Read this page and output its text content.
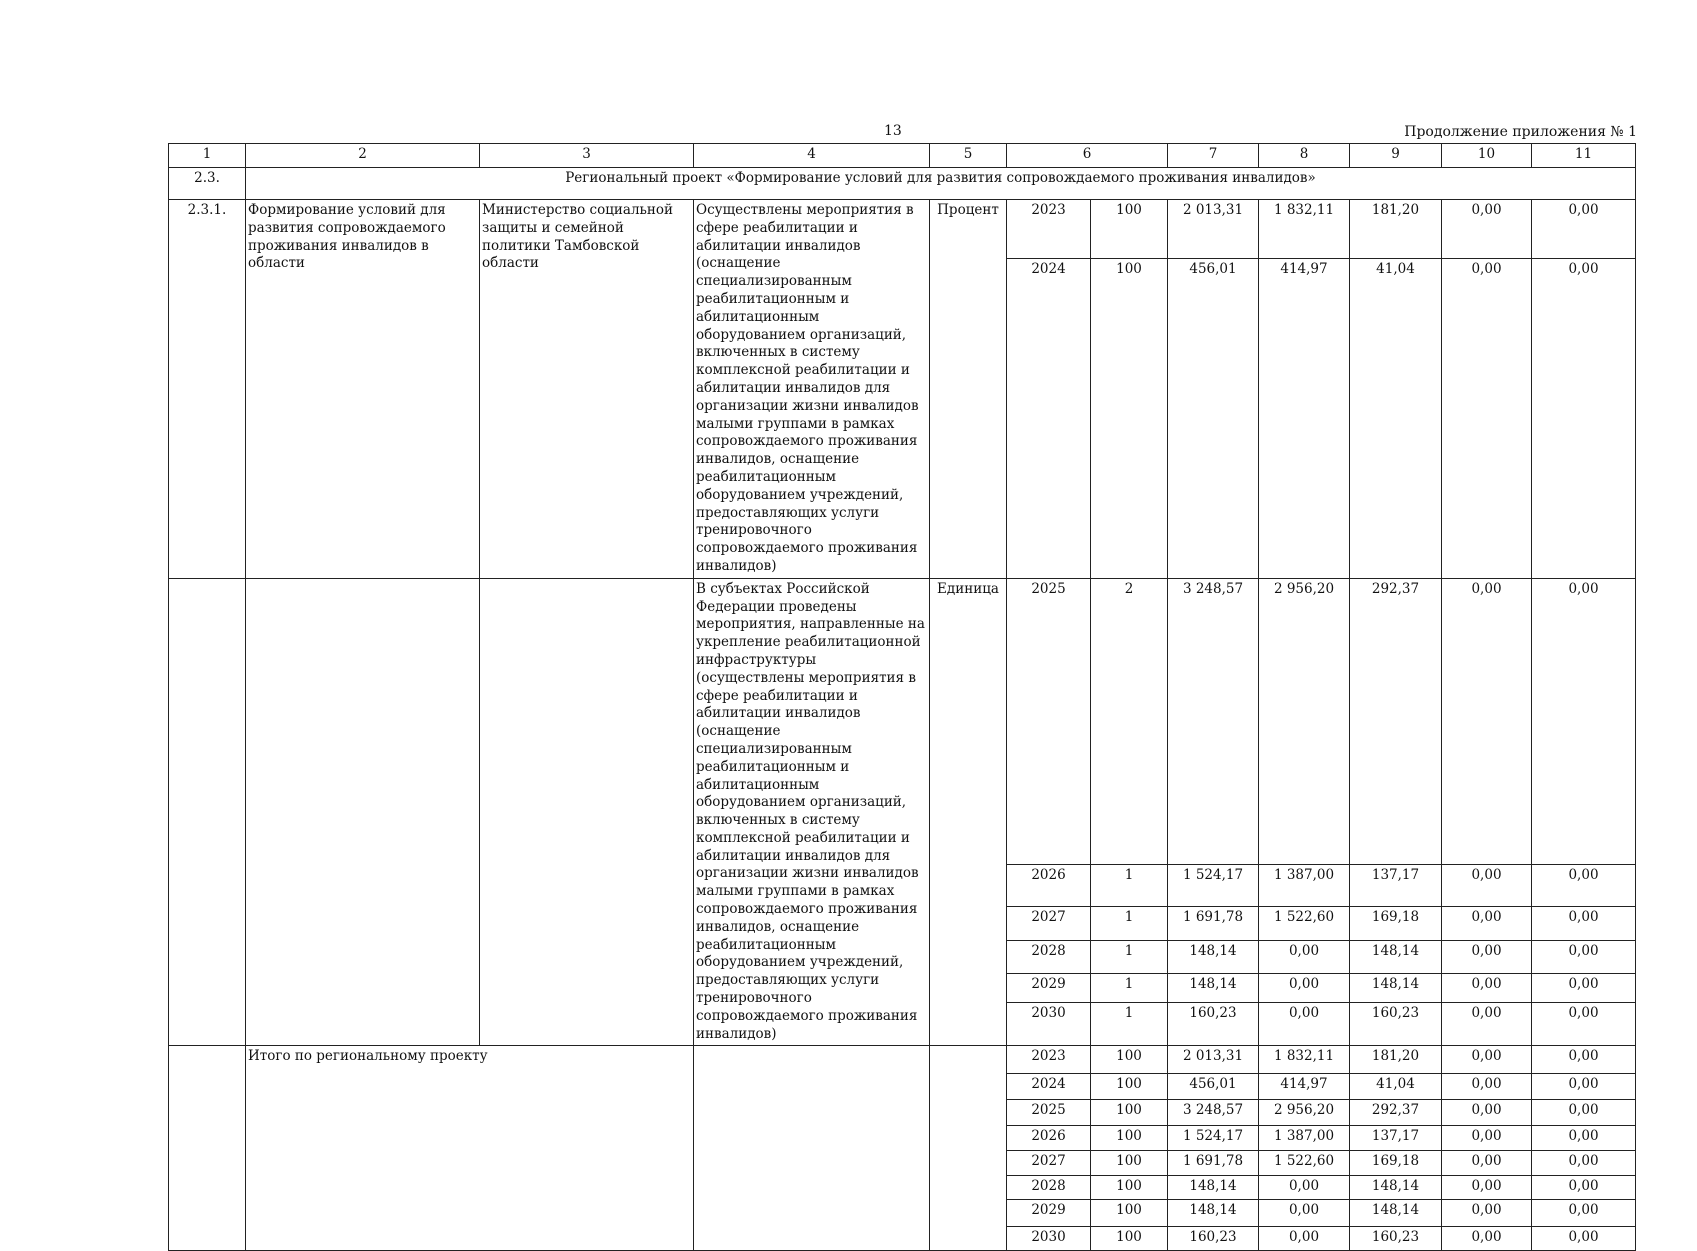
13	Продолжение приложения № 1
1	2	3	4	5	6		7	8	9	10	11
2.3.	Региональный проект «Формирование условий для развития сопровождаемого проживания инвалидов»										
2.3.1.	Формирование условий для развития сопровождаемого проживания инвалидов в области	Министерство социальной защиты и семейной политики Тамбовской области	Осуществлены мероприятия в сфере реабилитации и абилитации инвалидов (оснащение специализированным реабилитационным и абилитационным оборудованием организаций, включенных в систему комплексной реабилитации и абилитации инвалидов для организации жизни инвалидов малыми группами в рамках сопровождаемого проживания инвалидов, оснащение реабилитационным оборудованием учреждений, предоставляющих услуги тренировочного сопровождаемого проживания инвалидов)	Процент	2023	100	2 013,31	1 832,11	181,20	0,00	0,00
					2024	100	456,01	414,97	41,04	0,00	0,00
			В субъектах Российской Федерации проведены мероприятия, направленные на укрепление реабилитационной инфраструктуры (осуществлены мероприятия в сфере реабилитации и абилитации инвалидов (оснащение специализированным реабилитационным и абилитационным оборудованием организаций, включенных в систему комплексной реабилитации и абилитации инвалидов для организации жизни инвалидов малыми группами в рамках сопровождаемого проживания инвалидов, оснащение реабилитационным оборудованием учреждений, предоставляющих услуги тренировочного сопровождаемого проживания инвалидов)	Единица	2025	2	3 248,57	2 956,20	292,37	0,00	0,00
					2026	1	1 524,17	1 387,00	137,17	0,00	0,00
					2027	1	1 691,78	1 522,60	169,18	0,00	0,00
					2028	1	148,14	0,00	148,14	0,00	0,00
					2029	1	148,14	0,00	148,14	0,00	0,00
					2030	1	160,23	0,00	160,23	0,00	0,00
	Итого по региональному проекту				2023	100	2 013,31	1 832,11	181,20	0,00	0,00
					2024	100	456,01	414,97	41,04	0,00	0,00
					2025	100	3 248,57	2 956,20	292,37	0,00	0,00
					2026	100	1 524,17	1 387,00	137,17	0,00	0,00
					2027	100	1 691,78	1 522,60	169,18	0,00	0,00
					2028	100	148,14	0,00	148,14	0,00	0,00
					2029	100	148,14	0,00	148,14	0,00	0,00
					2030	100	160,23	0,00	160,23	0,00	0,00
